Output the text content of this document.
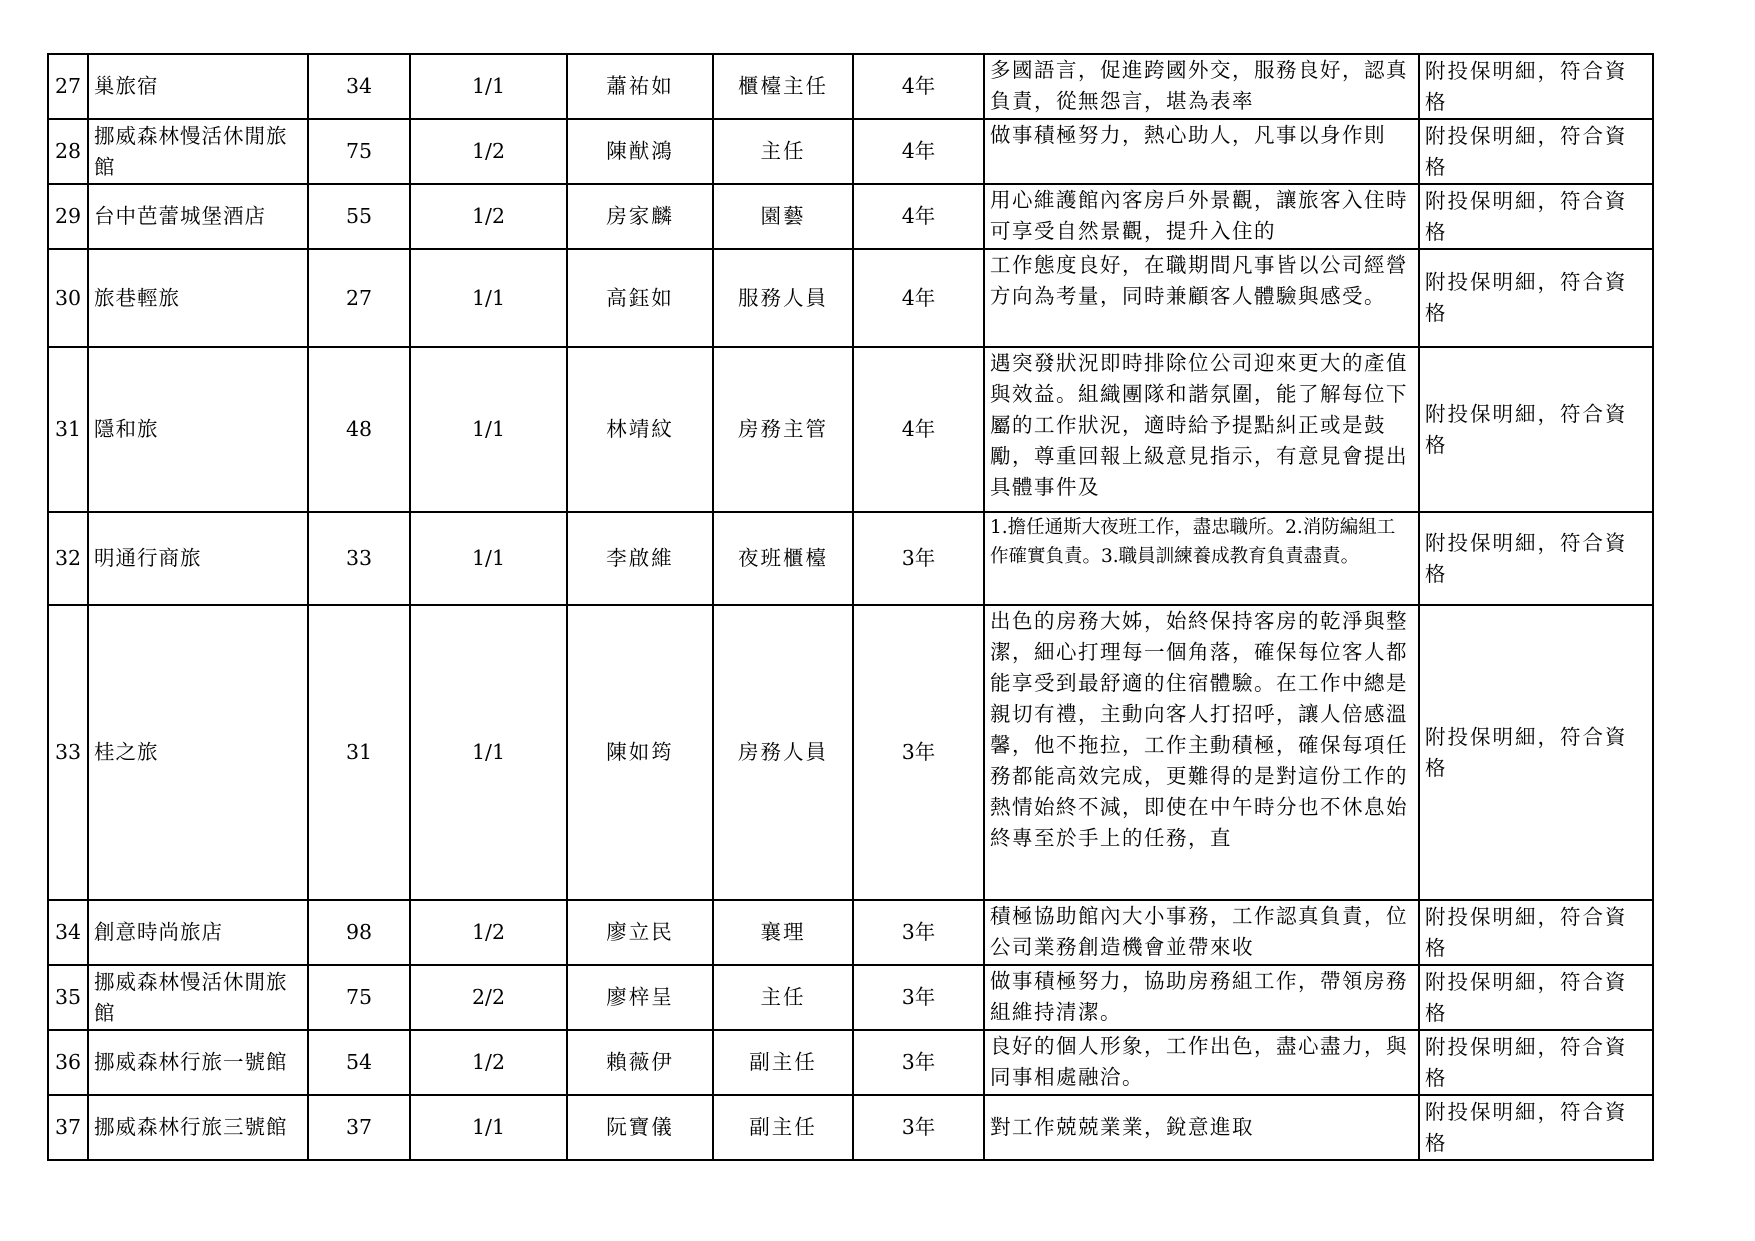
27	巢旅宿	34	1/1	蕭祐如	櫃檯主任	4年	多國語言，促進跨國外交，服務良好，認真負責，從無怨言，堪為表率	附投保明細，符合資格
28	挪威森林慢活休閒旅館	75	1/2	陳猷鴻	主任	4年	做事積極努力，熱心助人，凡事以身作則	附投保明細，符合資格
29	台中芭蕾城堡酒店	55	1/2	房家麟	園藝	4年	用心維護館內客房戶外景觀，讓旅客入住時可享受自然景觀，提升入住的	附投保明細，符合資格
30	旅巷輕旅	27	1/1	高鈺如	服務人員	4年	工作態度良好，在職期間凡事皆以公司經營方向為考量，同時兼顧客人體驗與感受。	附投保明細，符合資格
31	隱和旅	48	1/1	林靖紋	房務主管	4年	遇突發狀況即時排除位公司迎來更大的產值與效益。組織團隊和諧氛圍，能了解每位下屬的工作狀況，適時給予提點糾正或是鼓勵，尊重回報上級意見指示，有意見會提出具體事件及	附投保明細，符合資格
32	明通行商旅	33	1/1	李啟維	夜班櫃檯	3年	1.擔任通斯大夜班工作，盡忠職所。2.消防編組工作確實負責。3.職員訓練養成教育負責盡責。	附投保明細，符合資格
33	桂之旅	31	1/1	陳如筠	房務人員	3年	出色的房務大姊，始終保持客房的乾淨與整潔，細心打理每一個角落，確保每位客人都能享受到最舒適的住宿體驗。在工作中總是親切有禮，主動向客人打招呼，讓人倍感溫馨，他不拖拉，工作主動積極，確保每項任務都能高效完成，更難得的是對這份工作的熱情始終不減，即使在中午時分也不休息始終專至於手上的任務，直	附投保明細，符合資格
34	創意時尚旅店	98	1/2	廖立民	襄理	3年	積極協助館內大小事務，工作認真負責，位公司業務創造機會並帶來收	附投保明細，符合資格
35	挪威森林慢活休閒旅館	75	2/2	廖梓呈	主任	3年	做事積極努力，協助房務組工作，帶領房務組維持清潔。	附投保明細，符合資格
36	挪威森林行旅一號館	54	1/2	賴薇伊	副主任	3年	良好的個人形象，工作出色，盡心盡力，與同事相處融洽。	附投保明細，符合資格
37	挪威森林行旅三號館	37	1/1	阮寶儀	副主任	3年	對工作兢兢業業，銳意進取	附投保明細，符合資格
